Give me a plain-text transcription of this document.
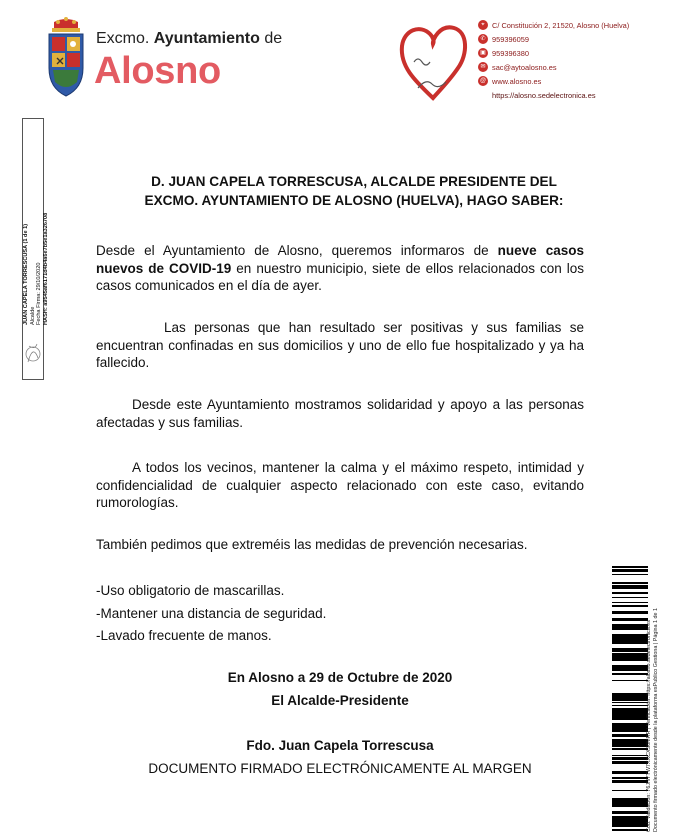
Excmo. Ayuntamiento de
Alosno
⌖ C/ Constitución 2, 21520, Alosno (Huelva)
✆ 959396059
▣ 959396380
✉ sac@aytoalosno.es
@ www.alosno.es
https://alosno.sedelectronica.es
JUAN CAPELA TORRESCUSA (1 de 1) Alcalde Fecha Firma: 29/10/2020 HASH: a9545af6171d4b4a6e7b5e1a326708
D. JUAN CAPELA TORRESCUSA, ALCALDE PRESIDENTE DEL
EXCMO. AYUNTAMIENTO DE ALOSNO (HUELVA), HAGO SABER:
Desde el Ayuntamiento de Alosno, queremos informaros de nueve casos nuevos de COVID-19 en nuestro municipio, siete de ellos relacionados con los casos comunicados en el día de ayer.
Las personas que han resultado ser positivas y sus familias se encuentran confinadas en sus domicilios y uno de ello fue hospitalizado y ya ha fallecido.
Desde este Ayuntamiento mostramos solidaridad y apoyo a las personas afectadas y sus familias.
A todos los vecinos, mantener la calma y el máximo respeto, intimidad y confidencialidad de cualquier aspecto relacionado con este caso, evitando rumorologías.
También pedimos que extreméis las medidas de prevención necesarias.
-Uso obligatorio de mascarillas.
-Mantener una distancia de seguridad.
-Lavado frecuente de manos.
En Alosno a 29 de Octubre de 2020
El Alcalde-Presidente
Fdo. Juan Capela Torrescusa
DOCUMENTO FIRMADO ELECTRÓNICAMENTE AL MARGEN	Cód. Validación: 76JNYTW7XXCXS6MRR | Verificación: https://alosno.sedelectronica.es Documento firmado electrónicamente desde la plataforma esPublico Gestiona | Página 1 de 1
